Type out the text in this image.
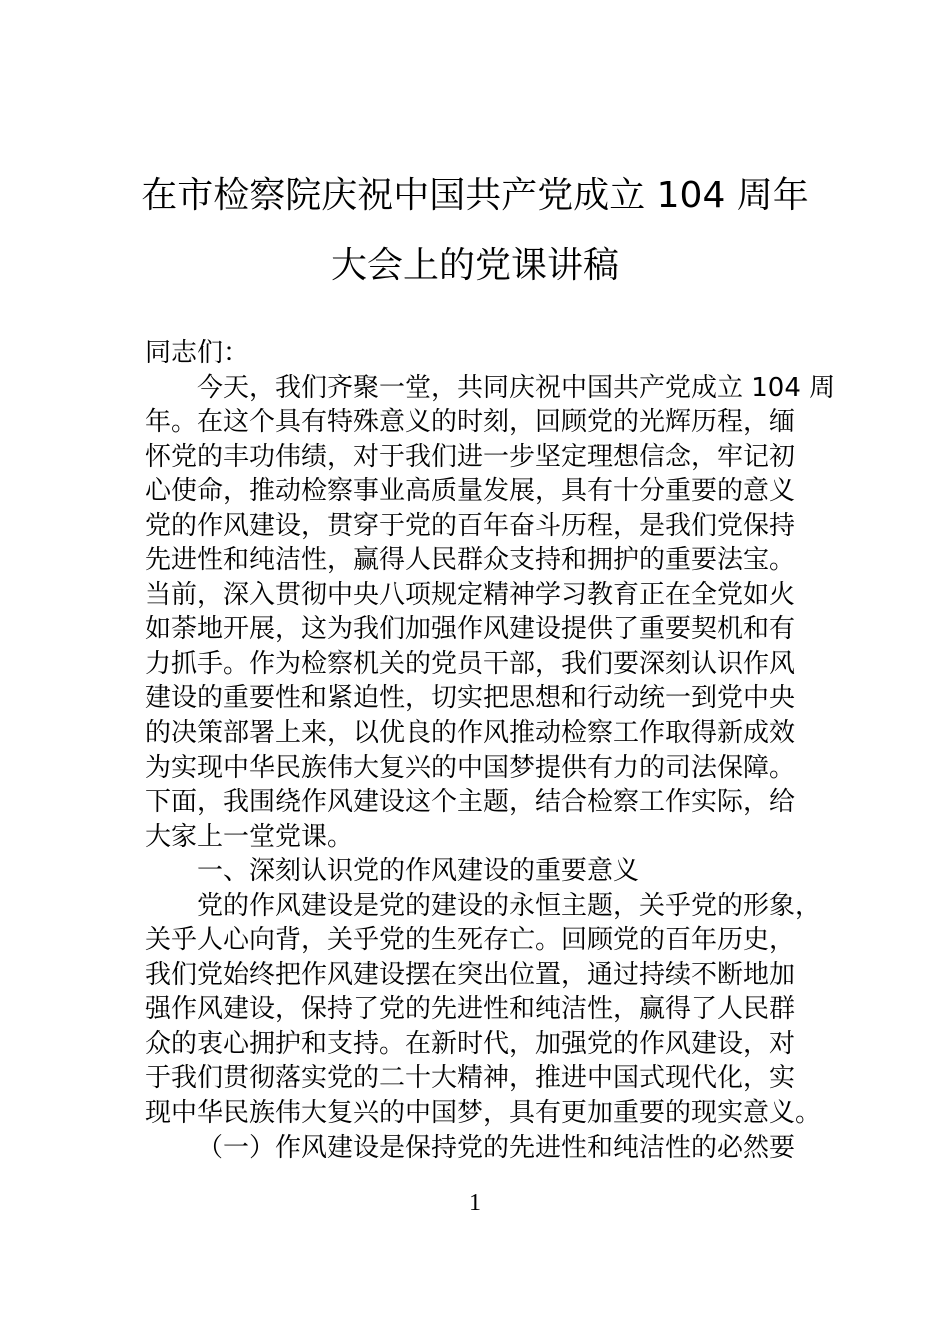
在市检察院庆祝中国共产党成立 104 周年
大会上的党课讲稿
同志们：
今天，我们齐聚一堂，共同庆祝中国共产党成立 104 周
年。在这个具有特殊意义的时刻，回顾党的光辉历程，缅
怀党的丰功伟绩，对于我们进一步坚定理想信念，牢记初
心使命，推动检察事业高质量发展，具有十分重要的意义
党的作风建设，贯穿于党的百年奋斗历程，是我们党保持
先进性和纯洁性，赢得人民群众支持和拥护的重要法宝。
当前，深入贯彻中央八项规定精神学习教育正在全党如火
如荼地开展，这为我们加强作风建设提供了重要契机和有
力抓手。作为检察机关的党员干部，我们要深刻认识作风
建设的重要性和紧迫性，切实把思想和行动统一到党中央
的决策部署上来，以优良的作风推动检察工作取得新成效
为实现中华民族伟大复兴的中国梦提供有力的司法保障。
下面，我围绕作风建设这个主题，结合检察工作实际，给
大家上一堂党课。
一、深刻认识党的作风建设的重要意义
党的作风建设是党的建设的永恒主题，关乎党的形象，
关乎人心向背，关乎党的生死存亡。回顾党的百年历史，
我们党始终把作风建设摆在突出位置，通过持续不断地加
强作风建设，保持了党的先进性和纯洁性，赢得了人民群
众的衷心拥护和支持。在新时代，加强党的作风建设，对
于我们贯彻落实党的二十大精神，推进中国式现代化，实
现中华民族伟大复兴的中国梦，具有更加重要的现实意义。
（一）作风建设是保持党的先进性和纯洁性的必然要
1
